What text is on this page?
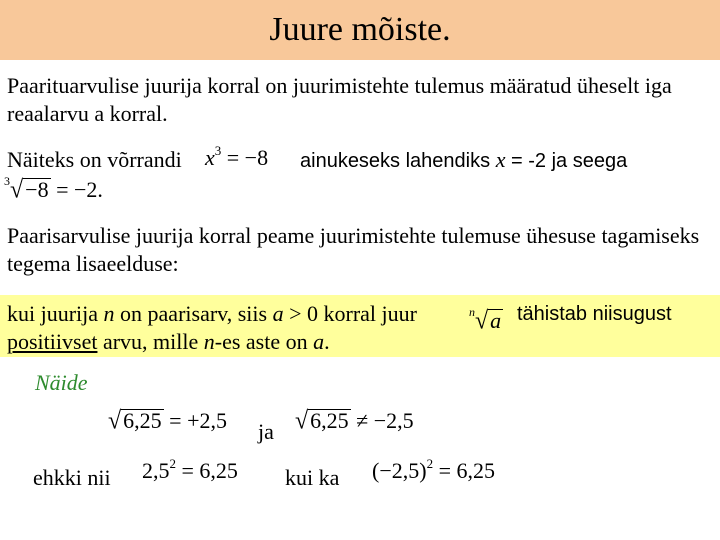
Juure mõiste.
Paarituarvulise juurija korral on juurimistehte tulemus määratud üheselt iga reaalarvu a korral.
Näiteks on võrrandi $x^3 = -8$ ainukeseks lahendiks x = -2 ja seega
$^3$√−8 = −2.
Paarisarvulise juurija korral peame juurimistehte tulemuse ühesuse tagamiseks tegema lisaeelduse:
kui juurija n on paarisarv, siis a > 0 korral juur	$^n$√a tähistab niisugust
positiivset arvu, mille n-es aste on a.
Näide
√6,25 = +2,5 ja √6,25 ≠ −2,5
ehkki nii $2,5^2 = 6,25$ kui ka $(-2,5)^2 = 6,25$
